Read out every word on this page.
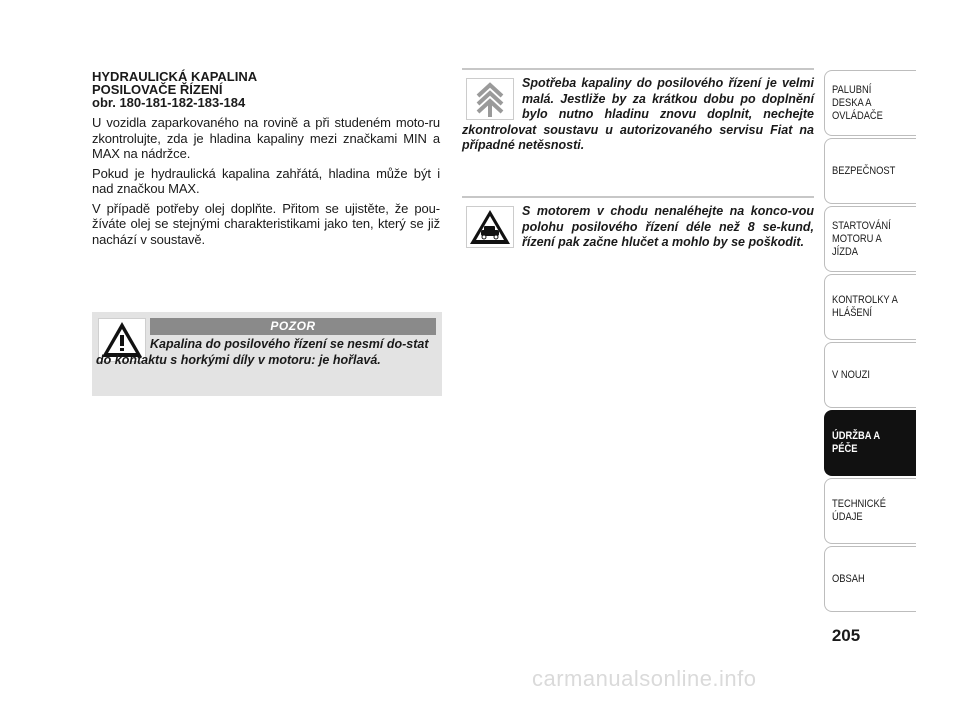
HYDRAULICKÁ KAPALINA

POSILOVAČE ŘÍZENÍ

obr. 180-181-182-183-184

U vozidla zaparkovaného na rovině a při studeném moto-ru zkontrolujte, zda je hladina kapaliny mezi značkami MIN a MAX na nádržce.

Pokud je hydraulická kapalina zahřátá, hladina může být i nad značkou MAX.

V případě potřeby olej doplňte. Přitom se ujistěte, že pou-žíváte olej se stejnými charakteristikami jako ten, který se již nachází v soustavě.

POZOR

Kapalina do posilového řízení se nesmí do-stat do kontaktu s horkými díly v motoru: je hořlavá.

Spotřeba kapaliny do posilového řízení je velmi malá. Jestliže by za krátkou dobu po doplnění bylo nutno hladinu znovu doplnit, nechejte zkontrolovat soustavu u autorizovaného servisu Fiat na případné netěsnosti.

S motorem v chodu nenaléhejte na konco-vou polohu posilového řízení déle než 8 se-kund, řízení pak začne hlučet a mohlo by se poškodit.

PALUBNÍ DESKA A OVLÁDAČE
BEZPEČNOST
STARTOVÁNÍ MOTORU A JÍZDA
KONTROLKY A HLÁŠENÍ
V NOUZI
ÚDRŽBA A PÉČE
TECHNICKÉ ÚDAJE
OBSAH
205
carmanualsonline.info
